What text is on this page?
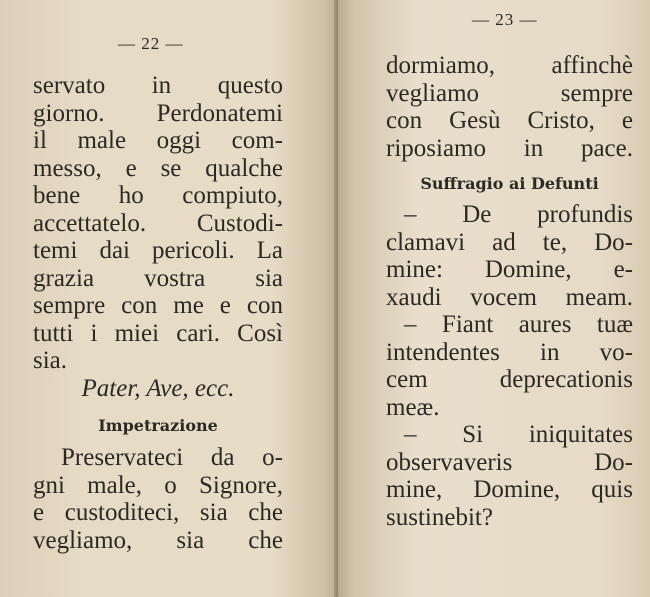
— 22 —

servato in questo
giorno. Perdonatemi
il male oggi com-
messo, e se qualche
bene ho compiuto,
accettatelo. Custodi-
temi dai pericoli. La
grazia vostra sia
sempre con me e con
tutti i miei cari. Così
sia.
Pater, Ave, ecc.
Impetrazione
Preservateci da o-
gni male, o Signore,
e custoditeci, sia che
vegliamo, sia che

— 23 —

dormiamo, affinchè
vegliamo sempre
con Gesù Cristo, e
riposiamo in pace.
Suffragio ai Defunti
– De profundis
clamavi ad te, Do-
mine: Domine, e-
xaudi vocem meam.
– Fiant aures tuæ
intendentes in vo-
cem deprecationis
meæ.
– Si iniquitates
observaveris Do-
mine, Domine, quis
sustinebit?
